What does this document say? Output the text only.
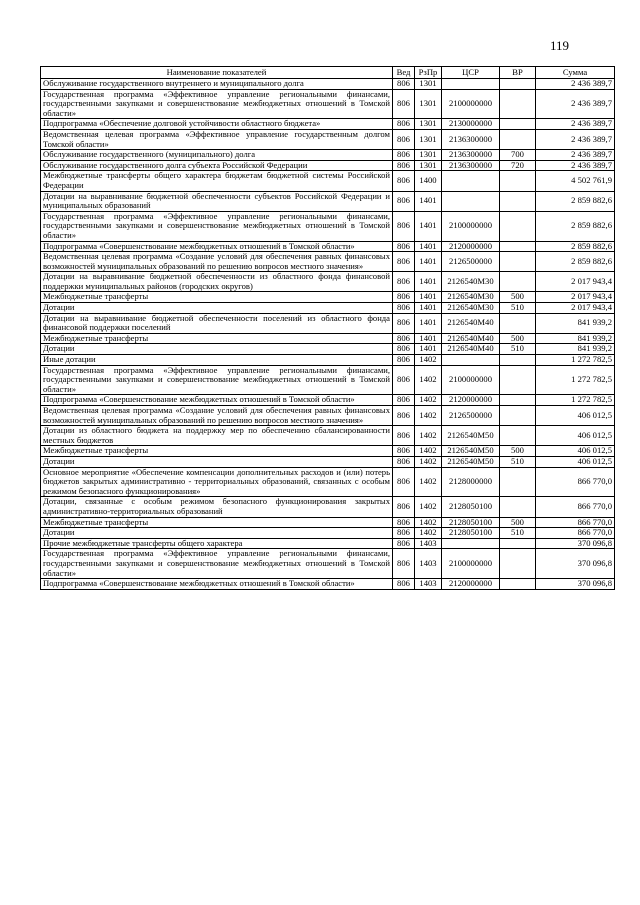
119
Наименование показателей	Вед	РзПр	ЦСР	ВР	Сумма
Обслуживание государственного внутреннего и муниципального долга	806	1301			2 436 389,7
Государственная программа «Эффективное управление региональными финансами, государственными закупками и совершенствование межбюджетных отношений в Томской области»	806	1301	2100000000		2 436 389,7
Подпрограмма «Обеспечение долговой устойчивости областного бюджета»	806	1301	2130000000		2 436 389,7
Ведомственная целевая программа «Эффективное управление государственным долгом Томской области»	806	1301	2136300000		2 436 389,7
Обслуживание государственного (муниципального) долга	806	1301	2136300000	700	2 436 389,7
Обслуживание государственного долга субъекта Российской Федерации	806	1301	2136300000	720	2 436 389,7
Межбюджетные трансферты общего характера бюджетам бюджетной системы Российской Федерации	806	1400			4 502 761,9
Дотации на выравнивание бюджетной обеспеченности субъектов Российской Федерации и муниципальных образований	806	1401			2 859 882,6
Государственная программа «Эффективное управление региональными финансами, государственными закупками и совершенствование межбюджетных отношений в Томской области»	806	1401	2100000000		2 859 882,6
Подпрограмма «Совершенствование межбюджетных отношений в Томской области»	806	1401	2120000000		2 859 882,6
Ведомственная целевая программа «Создание условий для обеспечения равных финансовых возможностей муниципальных образований по решению вопросов местного значения»	806	1401	2126500000		2 859 882,6
Дотации на выравнивание бюджетной обеспеченности из областного фонда финансовой поддержки муниципальных районов (городских округов)	806	1401	2126540М30		2 017 943,4
Межбюджетные трансферты	806	1401	2126540М30	500	2 017 943,4
Дотации	806	1401	2126540М30	510	2 017 943,4
Дотации на выравнивание бюджетной обеспеченности поселений из областного фонда финансовой поддержки поселений	806	1401	2126540М40		841 939,2
Межбюджетные трансферты	806	1401	2126540М40	500	841 939,2
Дотации	806	1401	2126540М40	510	841 939,2
Иные дотации	806	1402			1 272 782,5
Государственная программа «Эффективное управление региональными финансами, государственными закупками и совершенствование межбюджетных отношений в Томской области»	806	1402	2100000000		1 272 782,5
Подпрограмма «Совершенствование межбюджетных отношений в Томской области»	806	1402	2120000000		1 272 782,5
Ведомственная целевая программа «Создание условий для обеспечения равных финансовых возможностей муниципальных образований по решению вопросов местного значения»	806	1402	2126500000		406 012,5
Дотации из областного бюджета на поддержку мер по обеспечению сбалансированности местных бюджетов	806	1402	2126540М50		406 012,5
Межбюджетные трансферты	806	1402	2126540М50	500	406 012,5
Дотации	806	1402	2126540М50	510	406 012,5
Основное мероприятие «Обеспечение компенсации дополнительных расходов и (или) потерь бюджетов закрытых административно - территориальных образований, связанных с особым режимом безопасного функционирования»	806	1402	2128000000		866 770,0
Дотации, связанные с особым режимом безопасного функционирования закрытых административно-территориальных образований	806	1402	2128050100		866 770,0
Межбюджетные трансферты	806	1402	2128050100	500	866 770,0
Дотации	806	1402	2128050100	510	866 770,0
Прочие межбюджетные трансферты общего характера	806	1403			370 096,8
Государственная программа «Эффективное управление региональными финансами, государственными закупками и совершенствование межбюджетных отношений в Томской области»	806	1403	2100000000		370 096,8
Подпрограмма «Совершенствование межбюджетных отношений в Томской области»	806	1403	2120000000		370 096,8
